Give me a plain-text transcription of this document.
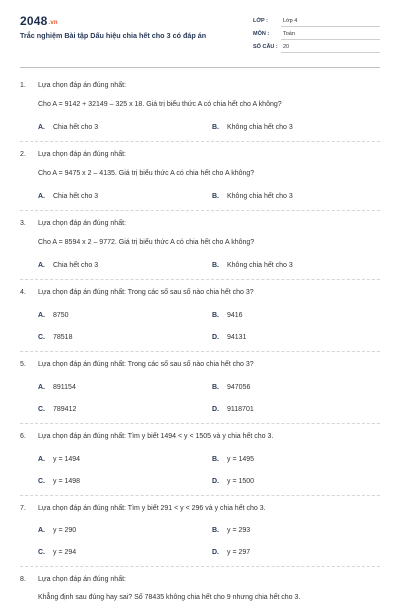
2048.vn
Trắc nghiệm Bài tập Dấu hiệu chia hết cho 3 có đáp án
LỚP :	Lớp 4
MÔN :	Toán
SỐ CÂU : 20
1. Lựa chọn đáp án đúng nhất:
Cho A = 9142 + 32149 – 325 x 18. Giá trị biểu thức A có chia hết cho A không?
A. Chia hết cho 3	B. Không chia hết cho 3
2. Lựa chọn đáp án đúng nhất:
Cho A = 9475 x 2 – 4135. Giá trị biểu thức A có chia hết cho A không?
A. Chia hết cho 3	B. Không chia hết cho 3
3. Lựa chọn đáp án đúng nhất:
Cho A = 8594 x 2 – 9772. Giá trị biểu thức A có chia hết cho A không?
A. Chia hết cho 3	B. Không chia hết cho 3
4. Lựa chọn đáp án đúng nhất: Trong các số sau số nào chia hết cho 3?
A. 8750	B. 9416
C. 78518	D. 94131
5. Lựa chọn đáp án đúng nhất: Trong các số sau số nào chia hết cho 3?
A. 891154	B. 947056
C. 789412	D. 9118701
6. Lựa chọn đáp án đúng nhất: Tìm y biết 1494 < y < 1505 và y chia hết cho 3.
A. y = 1494	B. y = 1495
C. y = 1498	D. y = 1500
7. Lựa chọn đáp án đúng nhất: Tìm y biết 291 < y < 296 và y chia hết cho 3.
A. y = 290	B. y = 293
C. y = 294	D. y = 297
8. Lựa chọn đáp án đúng nhất:
Khẳng định sau đúng hay sai? Số 78435 không chia hết cho 9 nhưng chia hết cho 3.
